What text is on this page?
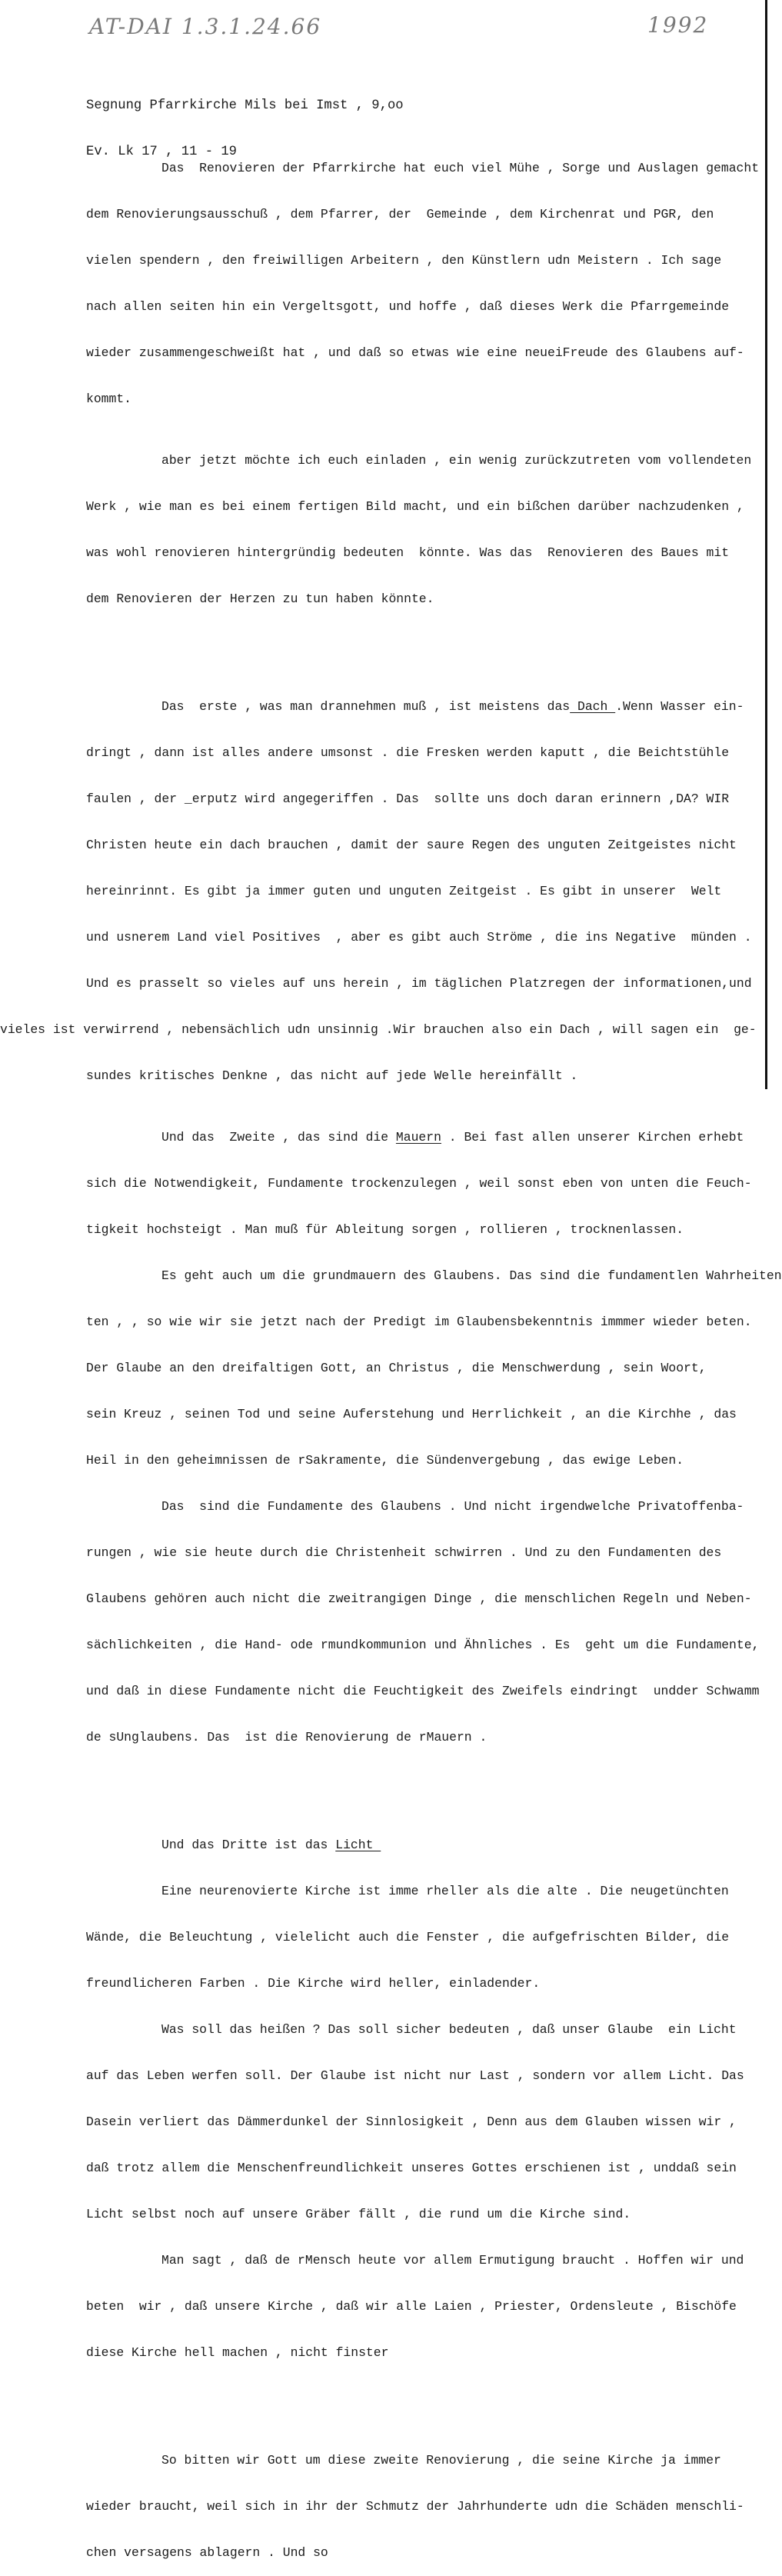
AT-DAI 1.3.1.24.66	1992

Segnung Pfarrkirche Mils bei Imst , 9,oo

Ev. Lk 17 , 11 - 19

Das  Renovieren der Pfarrkirche hat euch viel Mühe , Sorge und Auslagen gemacht

dem Renovierungsausschuß , dem Pfarrer, der  Gemeinde , dem Kirchenrat und PGR, den

vielen spendern , den freiwilligen Arbeitern , den Künstlern udn Meistern . Ich sage

nach allen seiten hin ein Vergeltsgott, und hoffe , daß dieses Werk die Pfarrgemeinde

wieder zusammengeschweißt hat , und daß so etwas wie eine neueiFreude des Glaubens auf-

kommt.

aber jetzt möchte ich euch einladen , ein wenig zurückzutreten vom vollendeten

Werk , wie man es bei einem fertigen Bild macht, und ein bißchen darüber nachzudenken ,

was wohl renovieren hintergründig bedeuten  könnte. Was das  Renovieren des Baues mit

dem Renovieren der Herzen zu tun haben könnte.

Das  erste , was man drannehmen muß , ist meistens das Dach .Wenn Wasser ein-

dringt , dann ist alles andere umsonst . die Fresken werden kaputt , die Beichtstühle

faulen , der _erputz wird angegeriffen . Das  sollte uns doch daran erinnern ,DA? WIR

Christen heute ein dach brauchen , damit der saure Regen des unguten Zeitgeistes nicht

hereinrinnt. Es gibt ja immer guten und unguten Zeitgeist . Es gibt in unserer  Welt

und usnerem Land viel Positives  , aber es gibt auch Ströme , die ins Negative  münden .

Und es prasselt so vieles auf uns herein , im täglichen Platzregen der informationen,und

vieles ist verwirrend , nebensächlich udn unsinnig .Wir brauchen also ein Dach , will sagen ein  ge-

sundes kritisches Denkne , das nicht auf jede Welle hereinfällt .

Und das  Zweite , das sind die Mauern . Bei fast allen unserer Kirchen erhebt

sich die Notwendigkeit, Fundamente trockenzulegen , weil sonst eben von unten die Feuch-

tigkeit hochsteigt . Man muß für Ableitung sorgen , rollieren , trocknenlassen.

Es geht auch um die grundmauern des Glaubens. Das sind die fundamentlen Wahrheiten

ten , , so wie wir sie jetzt nach der Predigt im Glaubensbekenntnis immmer wieder beten.

Der Glaube an den dreifaltigen Gott, an Christus , die Menschwerdung , sein Woort,

sein Kreuz , seinen Tod und seine Auferstehung und Herrlichkeit , an die Kirchhe , das

Heil in den geheimnissen de rSakramente, die Sündenvergebung , das ewige Leben.

Das  sind die Fundamente des Glaubens . Und nicht irgendwelche Privatoffenba-

rungen , wie sie heute durch die Christenheit schwirren . Und zu den Fundamenten des

Glaubens gehören auch nicht die zweitrangigen Dinge , die menschlichen Regeln und Neben-

sächlichkeiten , die Hand- ode rmundkommunion und Ähnliches . Es  geht um die Fundamente,

und daß in diese Fundamente nicht die Feuchtigkeit des Zweifels eindringt  undder Schwamm

de sUnglaubens. Das  ist die Renovierung de rMauern .

Und das Dritte ist das Licht

Eine neurenovierte Kirche ist imme rheller als die alte . Die neugetünchten

Wände, die Beleuchtung , vielelicht auch die Fenster , die aufgefrischten Bilder, die

freundlicheren Farben . Die Kirche wird heller, einladender.

Was soll das heißen ? Das soll sicher bedeuten , daß unser Glaube  ein Licht

auf das Leben werfen soll. Der Glaube ist nicht nur Last , sondern vor allem Licht. Das

Dasein verliert das Dämmerdunkel der Sinnlosigkeit , Denn aus dem Glauben wissen wir ,

daß trotz allem die Menschenfreundlichkeit unseres Gottes erschienen ist , unddaß sein

Licht selbst noch auf unsere Gräber fällt , die rund um die Kirche sind.

Man sagt , daß de rMensch heute vor allem Ermutigung braucht . Hoffen wir und

beten  wir , daß unsere Kirche , daß wir alle Laien , Priester, Ordensleute , Bischöfe

diese Kirche hell machen , nicht finster

So bitten wir Gott um diese zweite Renovierung , die seine Kirche ja immer

wieder braucht, weil sich in ihr der Schmutz der Jahrhunderte udn die Schäden menschli-

chen versagens ablagern . Und so
